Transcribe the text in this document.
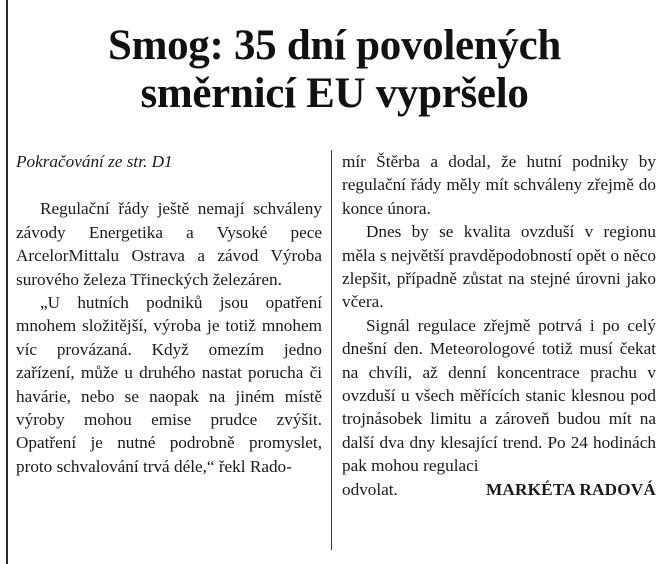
Smog: 35 dní povolených
směrnicí EU vypršelo

Pokračování ze str. D1

Regulační řády ještě nemají schváleny závody Energetika a Vysoké pece ArcelorMittalu Ostrava a závod Výroba surového železa Třineckých železáren.

„U hutních podniků jsou opatření mnohem složitější, výroba je totiž mnohem víc provázaná. Když omezím jedno zařízení, může u druhého nastat porucha či havárie, nebo se naopak na jiném místě výroby mohou emise prudce zvýšit. Opatření je nutné podrobně promyslet, proto schvalování trvá déle,“ řekl Rado-

mír Štěrba a dodal, že hutní podniky by regulační řády měly mít schváleny zřejmě do konce února.

Dnes by se kvalita ovzduší v regionu měla s největší pravděpodobností opět o něco zlepšit, případně zůstat na stejné úrovni jako včera.

Signál regulace zřejmě potrvá i po celý dnešní den. Meteorologové totiž musí čekat na chvíli, až denní koncentrace prachu v ovzduší u všech měřících stanic klesnou pod trojnásobek limitu a zároveň budou mít na další dva dny klesající trend. Po 24 hodinách pak mohou regulaci

odvolat.	MARKÉTA RADOVÁ
